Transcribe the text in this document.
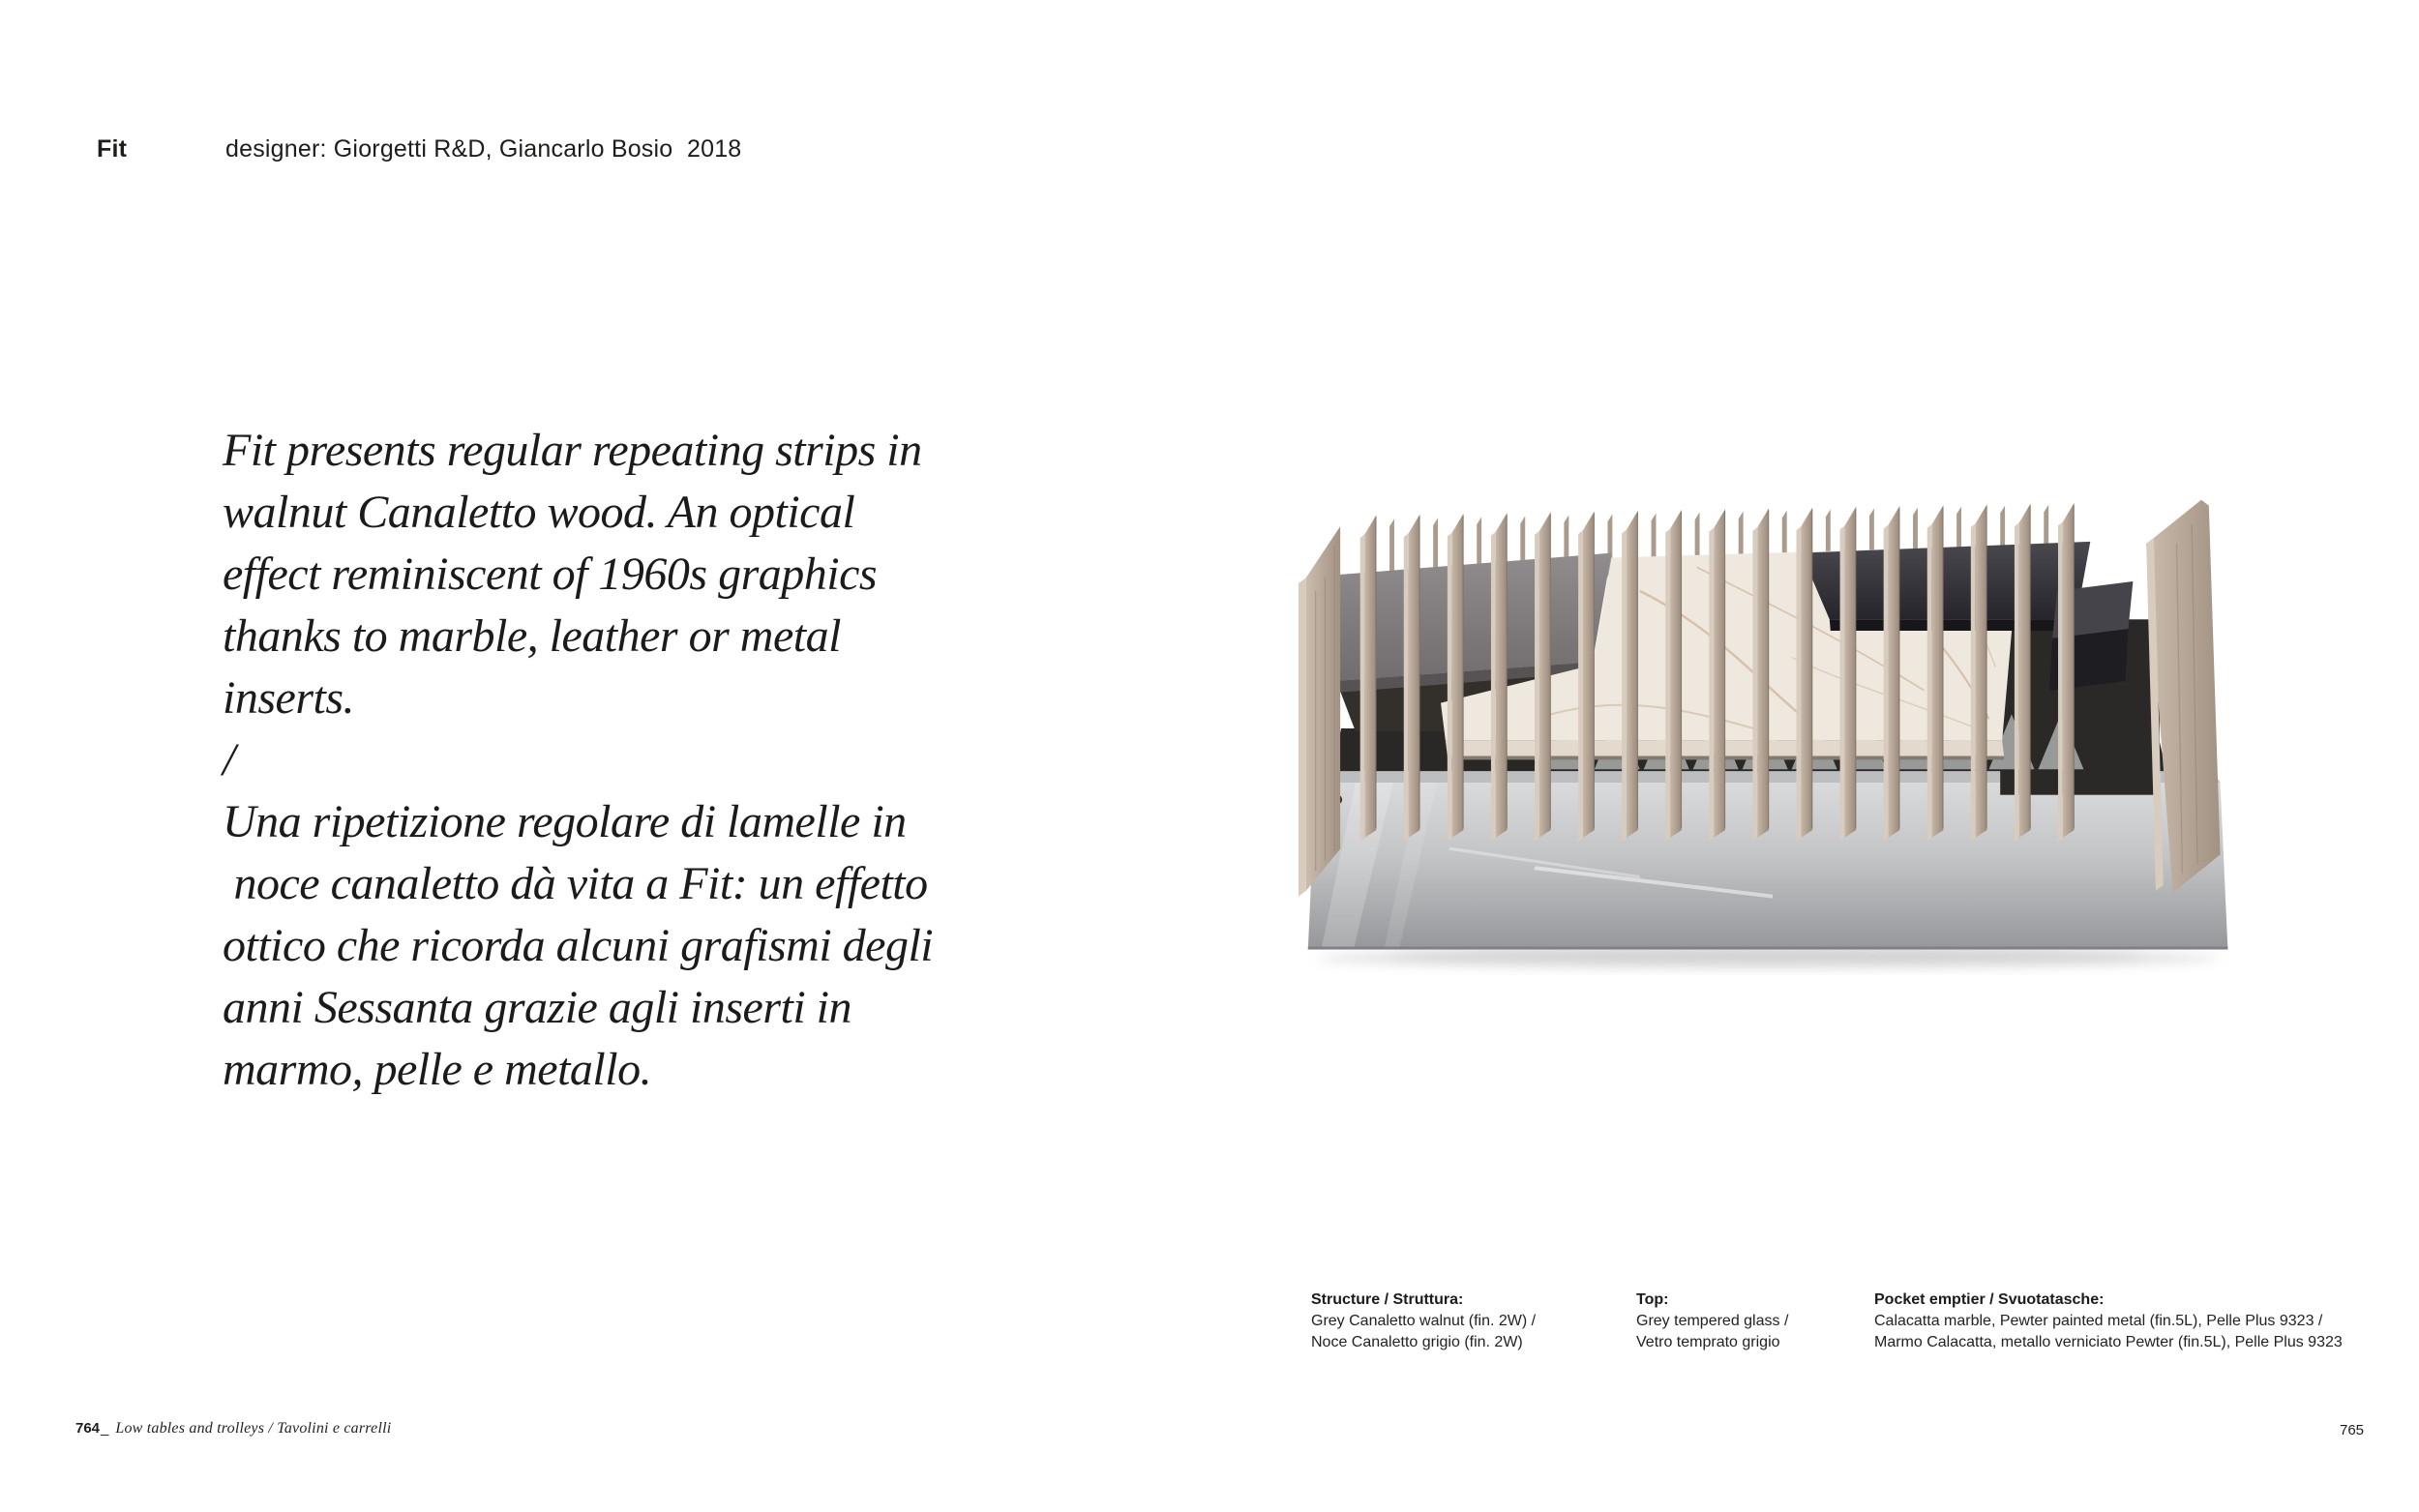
Fit	designer: Giorgetti R&D, Giancarlo Bosio 2018
Fit presents regular repeating strips in
walnut Canaletto wood. An optical
effect reminiscent of 1960s graphics
thanks to marble, leather or metal
inserts.
/
Una ripetizione regolare di lamelle in
noce canaletto dà vita a Fit: un effetto
ottico che ricorda alcuni grafismi degli
anni Sessanta grazie agli inserti in
marmo, pelle e metallo.
Structure / Struttura:
Grey Canaletto walnut (fin. 2W) /
Noce Canaletto grigio (fin. 2W)
Top:
Grey tempered glass /
Vetro temprato grigio
Pocket emptier / Svuotatasche:
Calacatta marble, Pewter painted metal (fin.5L), Pelle Plus 9323 /
Marmo Calacatta, metallo verniciato Pewter (fin.5L), Pelle Plus 9323
764_ Low tables and trolleys / Tavolini e carrelli	765
